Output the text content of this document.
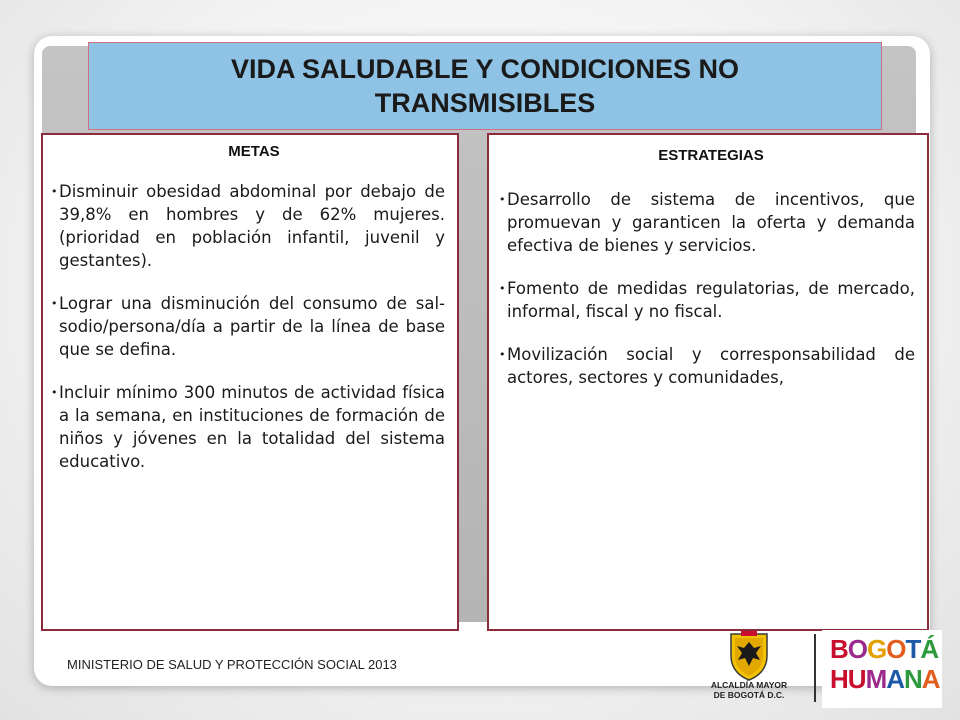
VIDA SALUDABLE Y CONDICIONES NO TRANSMISIBLES
METAS
• Disminuir obesidad abdominal por debajo de 39,8% en hombres y de 62% mujeres. (prioridad en población infantil, juvenil y gestantes).
• Lograr una disminución del consumo de sal-sodio/persona/día a partir de la línea de base que se defina.
• Incluir mínimo 300 minutos de actividad física a la semana, en instituciones de formación de niños y jóvenes en la totalidad del sistema educativo.
ESTRATEGIAS
• Desarrollo de sistema de incentivos, que promuevan y garanticen la oferta y demanda efectiva de bienes y servicios.
• Fomento de medidas regulatorias, de mercado, informal, fiscal y no fiscal.
• Movilización social y corresponsabilidad de actores, sectores y comunidades,
MINISTERIO DE SALUD Y PROTECCIÓN SOCIAL 2013
ALCALDÍA MAYOR
DE BOGOTÁ D.C.
BOGOTÁ
HUMANA
